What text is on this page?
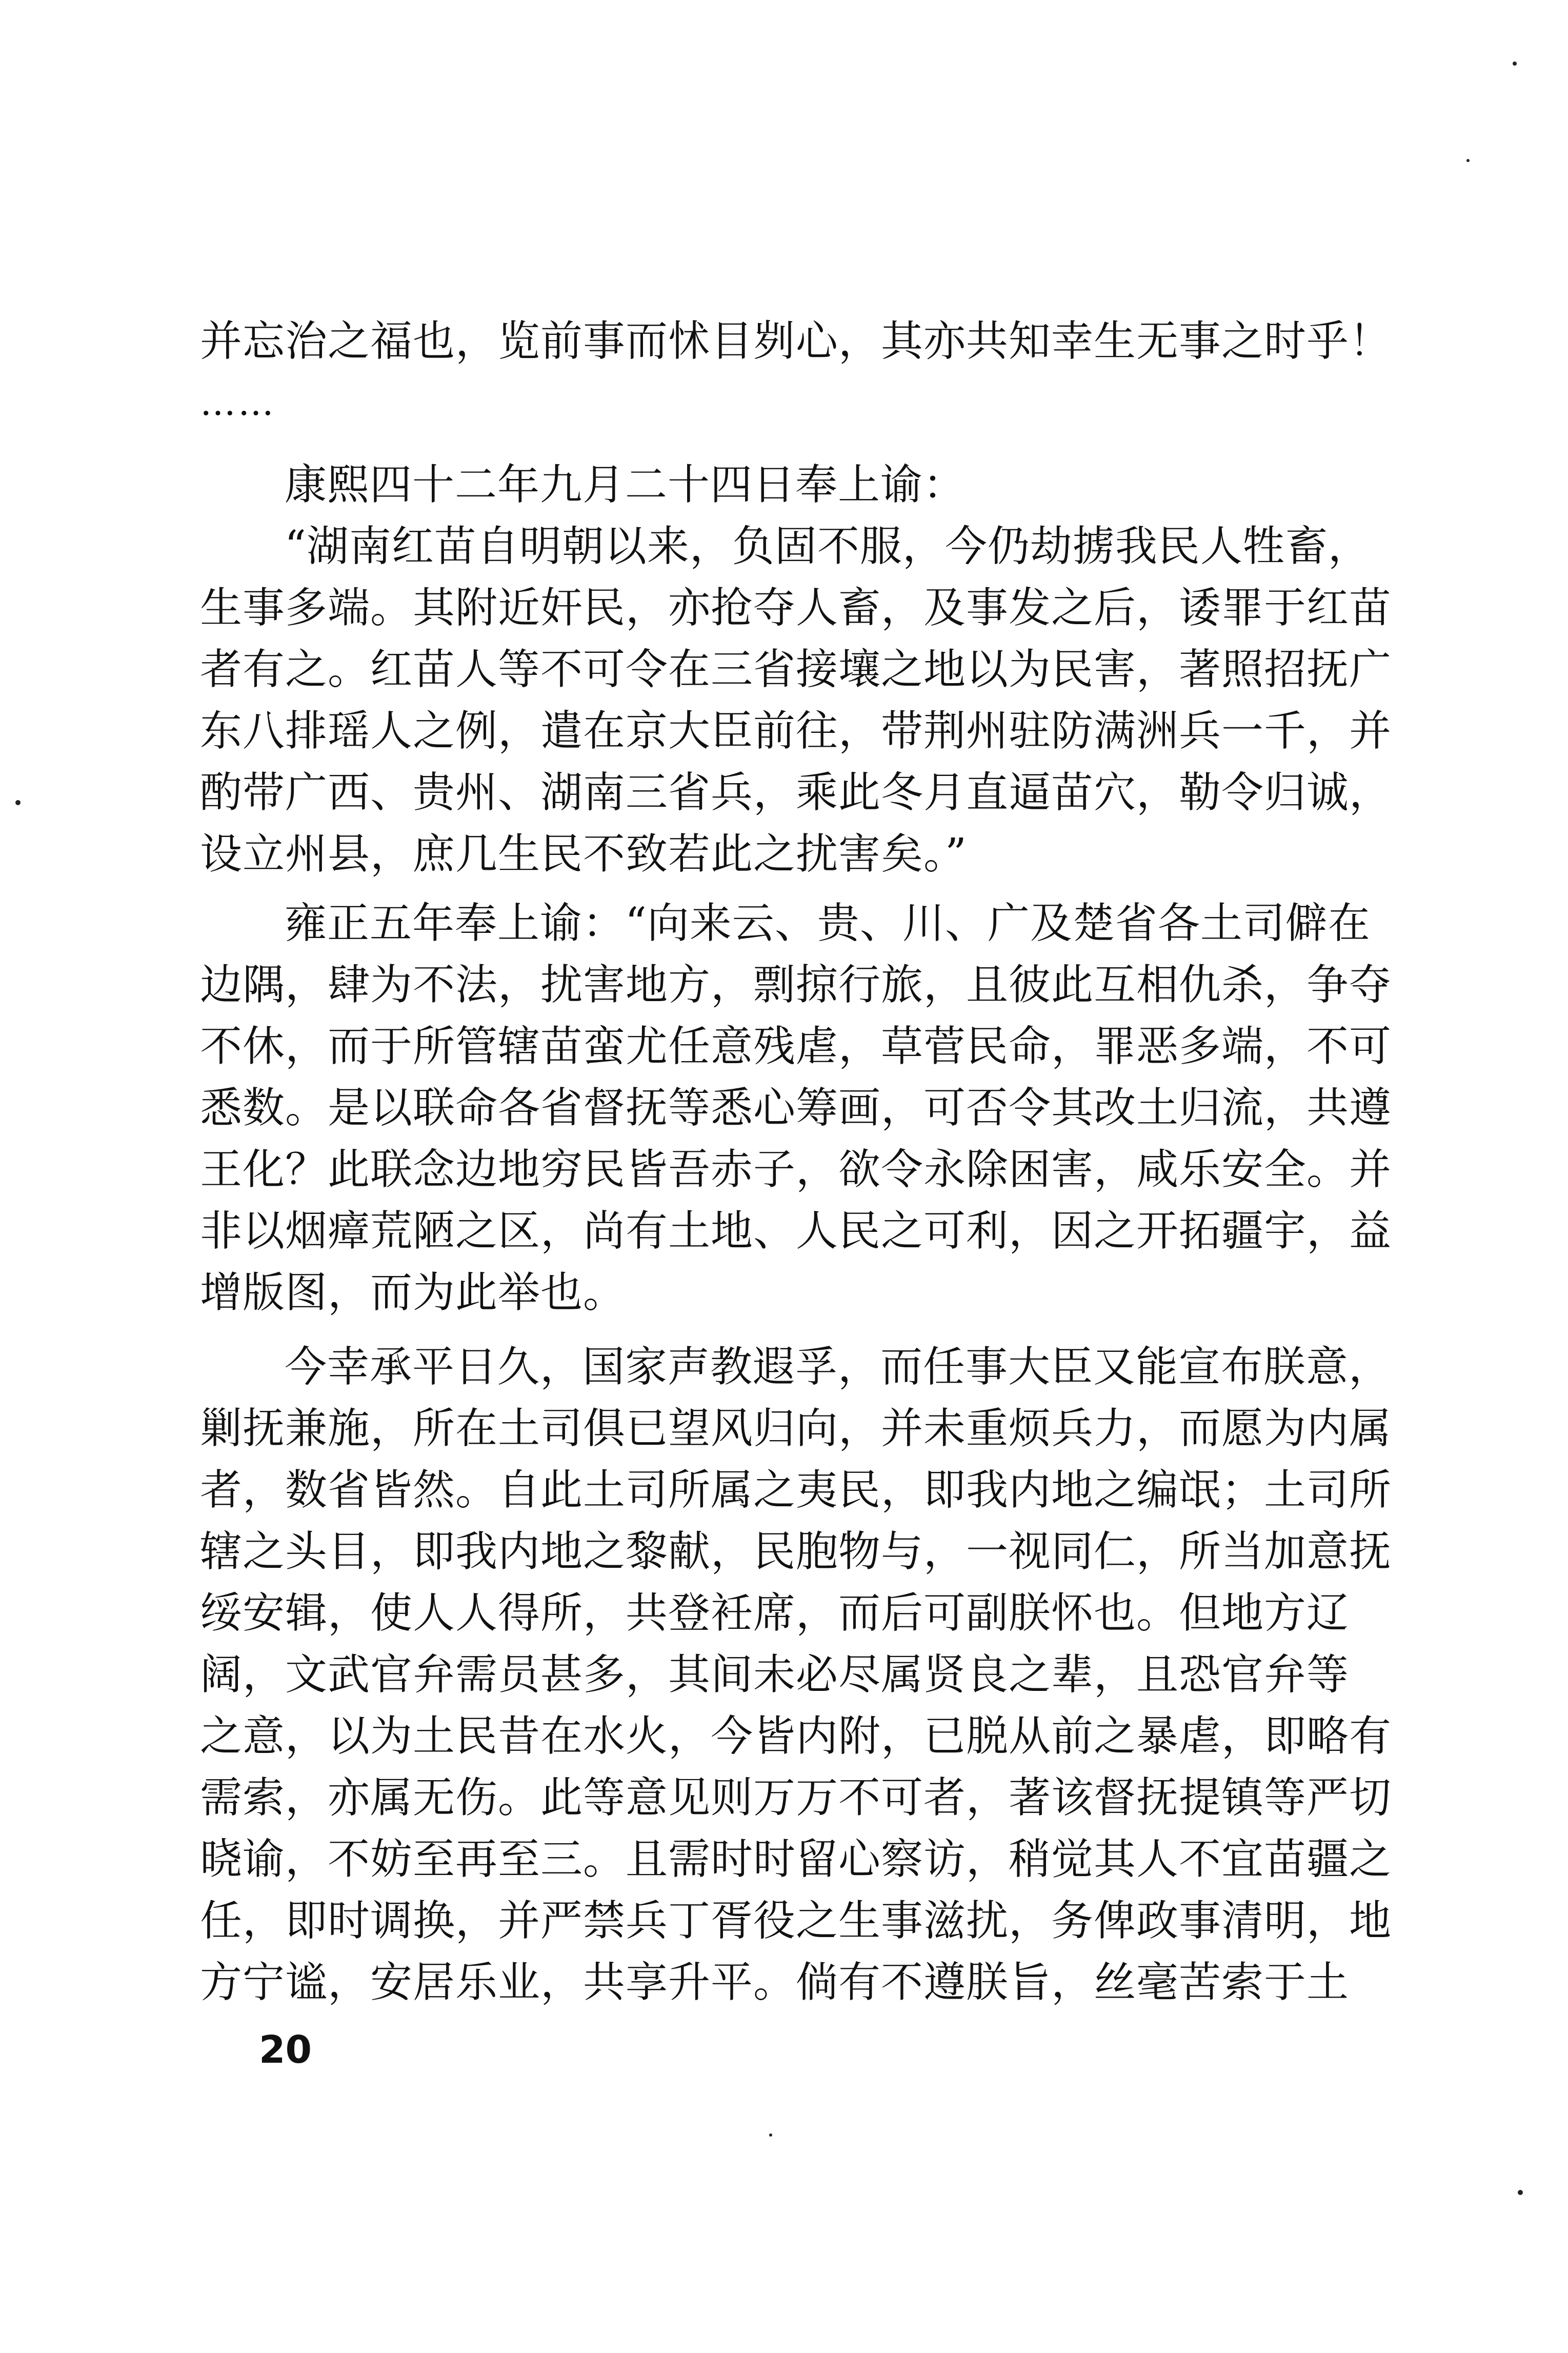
并忘治之福也，览前事而怵目刿心，其亦共知幸生无事之时乎！
……
康熙四十二年九月二十四日奉上谕：
“湖南红苗自明朝以来，负固不服，今仍劫掳我民人牲畜，
生事多端。其附近奸民，亦抢夺人畜，及事发之后，诿罪于红苗
者有之。红苗人等不可令在三省接壤之地以为民害，著照招抚广
东八排瑶人之例，遣在京大臣前往，带荆州驻防满洲兵一千，并
酌带广西、贵州、湖南三省兵，乘此冬月直逼苗穴，勒令归诚，
设立州县，庶几生民不致若此之扰害矣。”
雍正五年奉上谕：“向来云、贵、川、广及楚省各土司僻在
边隅，肆为不法，扰害地方，剽掠行旅，且彼此互相仇杀，争夺
不休，而于所管辖苗蛮尤任意残虐，草菅民命，罪恶多端，不可
悉数。是以联命各省督抚等悉心筹画，可否令其改土归流，共遵
王化？此联念边地穷民皆吾赤子，欲令永除困害，咸乐安全。并
非以烟瘴荒陋之区，尚有土地、人民之可利，因之开拓疆宇，益
增版图，而为此举也。
今幸承平日久，国家声教遐孚，而任事大臣又能宣布朕意，
剿抚兼施，所在土司俱已望风归向，并未重烦兵力，而愿为内属
者，数省皆然。自此土司所属之夷民，即我内地之编氓；土司所
辖之头目，即我内地之黎献，民胞物与，一视同仁，所当加意抚
绥安辑，使人人得所，共登衽席，而后可副朕怀也。但地方辽
阔，文武官弁需员甚多，其间未必尽属贤良之辈，且恐官弁等
之意，以为土民昔在水火，今皆内附，已脱从前之暴虐，即略有
需索，亦属无伤。此等意见则万万不可者，著该督抚提镇等严切
晓谕，不妨至再至三。且需时时留心察访，稍觉其人不宜苗疆之
任，即时调换，并严禁兵丁胥役之生事滋扰，务俾政事清明，地
方宁谧，安居乐业，共享升平。倘有不遵朕旨，丝毫苦索于土
20
